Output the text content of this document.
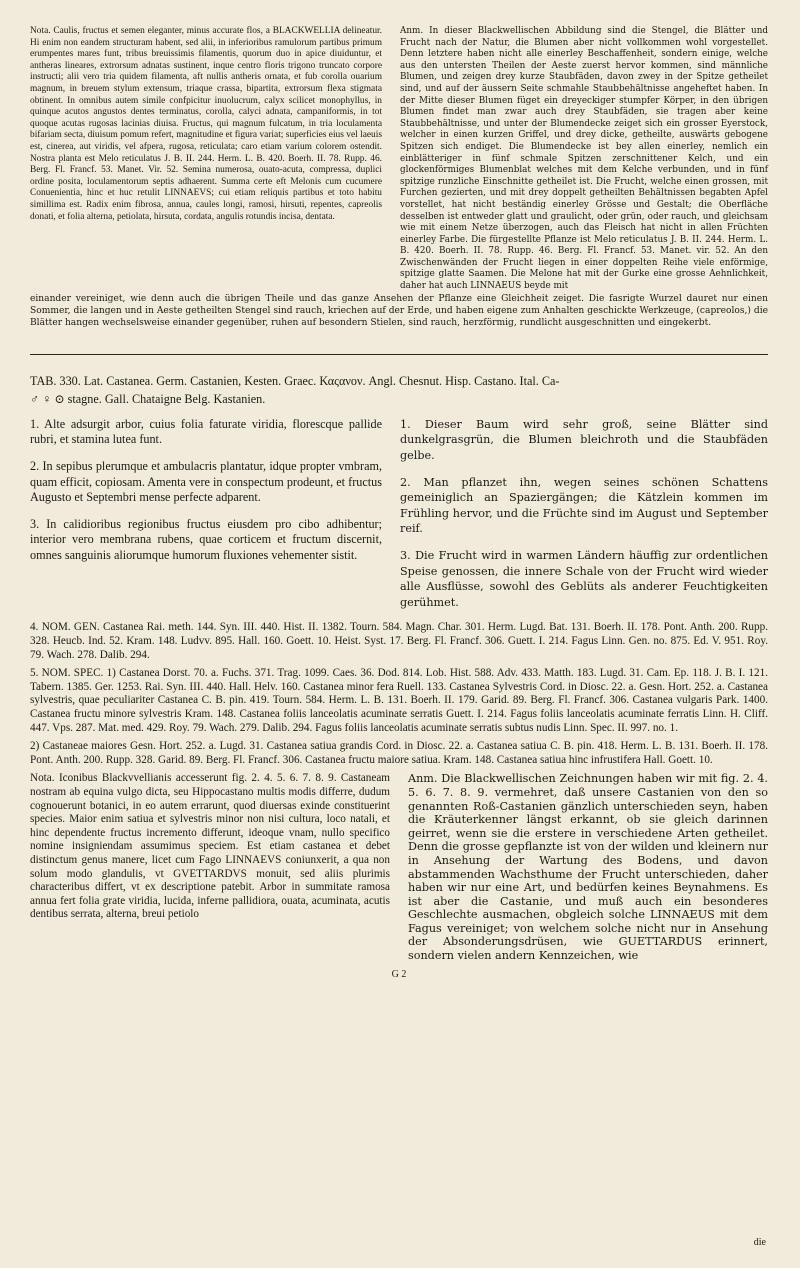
Nota. Caulis, fructus et semen eleganter, minus accurate flos, a BLACKWELLIA delineatur. Hi enim non eandem structuram habent, sed alii, in inferioribus ramulorum partibus primum erumpentes mares funt, tribus breuissimis filamentis, quorum duo in apice diuiduntur, et antheras lineares, extrorsum adnatas sustinent, inque centro floris trigono truncato corpore instructi; alii vero tria quidem filamenta, aft nullis antheris ornata, et fub corolla ouarium magnum, in breuem stylum extensum, triaque crassa, bipartita, extrorsum flexa stigmata obtinent. In omnibus autem simile confpicitur inuolucrum, calyx scilicet monophyllus, in quinque acutos angustos dentes terminatus, corolla, calyci adnata, campaniformis, in tot quoque acutas rugosas lacinias diuisa. Fructus, qui magnum fulcatum, in tria loculamenta bifariam secta, diuisum pomum refert, magnitudine et figura variat; superficies eius vel laeuis est, cinerea, aut viridis, vel afpera, rugosa, reticulata; caro etiam varium colorem ostendit. Nostra planta est Melo reticulatus J. B. II. 244. Herm. L. B. 420. Boerh. II. 78. Rupp. 46. Berg. Fl. Francf. 53. Manet. Vir. 52. Semina numerosa, ouato-acuta, compressa, duplici ordine posita, loculamentorum septis adhaerent. Summa certe eft Melonis cum cucumere Conuenientia, hinc et huc retulit LINNAEVS; cui etiam reliquis partibus et toto habitu simillima est. Radix enim fibrosa, annua, caules longi, ramosi, hirsuti, repentes, capreolis donati, et folia alterna, petiolata, hirsuta, cordata, angulis rotundis incisa, dentata.

Anm. In dieser Blackwellischen Abbildung sind die Stengel, die Blätter und Frucht nach der Natur, die Blumen aber nicht vollkommen wohl vorgestellet. Denn letztere haben nicht alle einerley Beschaffenheit, sondern einige, welche aus den untersten Theilen der Aeste zuerst hervor kommen, sind männliche Blumen, und zeigen drey kurze Staubfäden, davon zwey in der Spitze getheilet sind, und auf der äussern Seite schmahle Staubbehältnisse angeheftet haben. In der Mitte dieser Blumen füget ein dreyeckiger stumpfer Körper, in den übrigen Blumen findet man zwar auch drey Staubfäden, sie tragen aber keine Staubbehältnisse, und unter der Blumendecke zeiget sich ein grosser Eyerstock, welcher in einen kurzen Griffel, und drey dicke, getheilte, auswärts gebogene Spitzen sich endiget. Die Blumendecke ist bey allen einerley, nemlich ein einblätteriger in fünf schmale Spitzen zerschnittener Kelch, und ein glockenförmiges Blumenblat welches mit dem Kelche verbunden, und in fünf spitzige runzliche Einschnitte getheilet ist. Die Frucht, welche einen grossen, mit Furchen gezierten, und mit drey doppelt getheilten Behältnissen begabten Apfel vorstellet, hat nicht beständig einerley Grösse und Gestalt; die Oberfläche desselben ist entweder glatt und graulicht, oder grün, oder rauch, und gleichsam wie mit einem Netze überzogen, auch das Fleisch hat nicht in allen Früchten einerley Farbe. Die fürgestellte Pflanze ist Melo reticulatus J. B. II. 244. Herm. L. B. 420. Boerh. II. 78. Rupp. 46. Berg. Fl. Francf. 53. Manet. vir. 52. An den Zwischenwänden der Frucht liegen in einer doppelten Reihe viele enförmige, spitzige glatte Saamen. Die Melone hat mit der Gurke eine grosse Aehnlichkeit, daher hat auch LINNAEUS beyde mit

einander vereiniget, wie denn auch die übrigen Theile und das ganze Ansehen der Pflanze eine Gleichheit zeiget. Die fasrigte Wurzel dauret nur einen Sommer, die langen und in Aeste getheilten Stengel sind rauch, kriechen auf der Erde, und haben eigene zum Anhalten geschickte Werkzeuge, (capreolos,) die Blätter hangen wechselsweise einander gegenüber, ruhen auf besondern Stielen, sind rauch, herzförmig, rundlicht ausgeschnitten und eingekerbt.

TAB. 330. Lat. Castanea. Germ. Castanien, Kesten. Graec. Καςανον. Angl. Chesnut. Hisp. Castano. Ital. Ca-

♂ ♀ ⊙ stagne. Gall. Chataigne Belg. Kastanien.

1. Alte adsurgit arbor, cuius folia faturate viridia, florescque pallide rubri, et stamina lutea funt.

2. In sepibus plerumque et ambulacris plantatur, idque propter vmbram, quam efficit, copiosam. Amenta vere in conspectum prodeunt, et fructus Augusto et Septembri mense perfecte adparent.

3. In calidioribus regionibus fructus eiusdem pro cibo adhibentur; interior vero membrana rubens, quae corticem et fructum discernit, omnes sanguinis aliorumque humorum fluxiones vehementer sistit.

1. Dieser Baum wird sehr groß, seine Blätter sind dunkelgrasgrün, die Blumen bleichroth und die Staubfäden gelbe.

2. Man pflanzet ihn, wegen seines schönen Schattens gemeiniglich an Spaziergängen; die Kätzlein kommen im Frühling hervor, und die Früchte sind im August und September reif.

3. Die Frucht wird in warmen Ländern häuffig zur ordentlichen Speise genossen, die innere Schale von der Frucht wird wieder alle Ausflüsse, sowohl des Geblüts als anderer Feuchtigkeiten gerühmet.

4. NOM. GEN. Castanea Rai. meth. 144. Syn. III. 440. Hist. II. 1382. Tourn. 584. Magn. Char. 301. Herm. Lugd. Bat. 131. Boerh. II. 178. Pont. Anth. 200. Rupp. 328. Heucb. Ind. 52. Kram. 148. Ludvv. 895. Hall. 160. Goett. 10. Heist. Syst. 17. Berg. Fl. Francf. 306. Guett. I. 214. Fagus Linn. Gen. no. 875. Ed. V. 951. Roy. 79. Wach. 278. Dalib. 294.

5. NOM. SPEC. 1) Castanea Dorst. 70. a. Fuchs. 371. Trag. 1099. Caes. 36. Dod. 814. Lob. Hist. 588. Adv. 433. Matth. 183. Lugd. 31. Cam. Ep. 118. J. B. I. 121. Tabern. 1385. Ger. 1253. Rai. Syn. III. 440. Hall. Helv. 160. Castanea minor fera Ruell. 133. Castanea Sylvestris Cord. in Diosc. 22. a. Gesn. Hort. 252. a. Castanea sylvestris, quae peculiariter Castanea C. B. pin. 419. Tourn. 584. Herm. L. B. 131. Boerh. II. 179. Garid. 89. Berg. Fl. Francf. 306. Castanea vulgaris Park. 1400. Castanea fructu minore sylvestris Kram. 148. Castanea foliis lanceolatis acuminate serratis Guett. I. 214. Fagus foliis lanceolatis acuminate ferratis Linn. H. Cliff. 447. Vps. 287. Mat. med. 429. Roy. 79. Wach. 279. Dalib. 294. Fagus foliis lanceolatis acuminate serratis subtus nudis Linn. Spec. II. 997. no. 1.

2) Castaneae maiores Gesn. Hort. 252. a. Lugd. 31. Castanea satiua grandis Cord. in Diosc. 22. a. Castanea satiua C. B. pin. 418. Herm. L. B. 131. Boerh. II. 178. Pont. Anth. 200. Rupp. 328. Garid. 89. Berg. Fl. Francf. 306. Castanea fructu maiore satiua. Kram. 148. Castanea satiua hinc infrustifera Hall. Goett. 10.

Nota. Iconibus Blackvvellianis accesserunt fig. 2. 4. 5. 6. 7. 8. 9. Castaneam nostram ab equina vulgo dicta, seu Hippocastano multis modis differre, dudum cognouerunt botanici, in eo autem errarunt, quod diuersas exinde constituerint species. Maior enim satiua et sylvestris minor non nisi cultura, loco natali, et hinc dependente fructus incremento differunt, ideoque vnam, nullo specifico nomine insigniendam assumimus speciem. Est etiam castanea et debet distinctum genus manere, licet cum Fago LINNAEVS coniunxerit, a qua non solum modo glandulis, vt GVETTARDVS monuit, sed aliis plurimis characteribus differt, vt ex descriptione patebit. Arbor in summitate ramosa annua fert folia grate viridia, lucida, inferne pallidiora, ouata, acuminata, acutis dentibus serrata, alterna, breui petiolo

Anm. Die Blackwellischen Zeichnungen haben wir mit fig. 2. 4. 5. 6. 7. 8. 9. vermehret, daß unsere Castanien von den so genannten Roß-Castanien gänzlich unterschieden seyn, haben die Kräuterkenner längst erkannt, ob sie gleich darinnen geirret, wenn sie die erstere in verschiedene Arten getheilet. Denn die grosse gepflanzte ist von der wilden und kleinern nur in Ansehung der Wartung des Bodens, und davon abstammenden Wachsthume der Frucht unterschieden, daher haben wir nur eine Art, und bedürfen keines Beynahmens. Es ist aber die Castanie, und muß auch ein besonderes Geschlechte ausmachen, obgleich solche LINNAEUS mit dem Fagus vereiniget; von welchem solche nicht nur in Ansehung der Absonderungsdrüsen, wie GUETTARDUS erinnert, sondern vielen andern Kennzeichen, wie

G 2
die
